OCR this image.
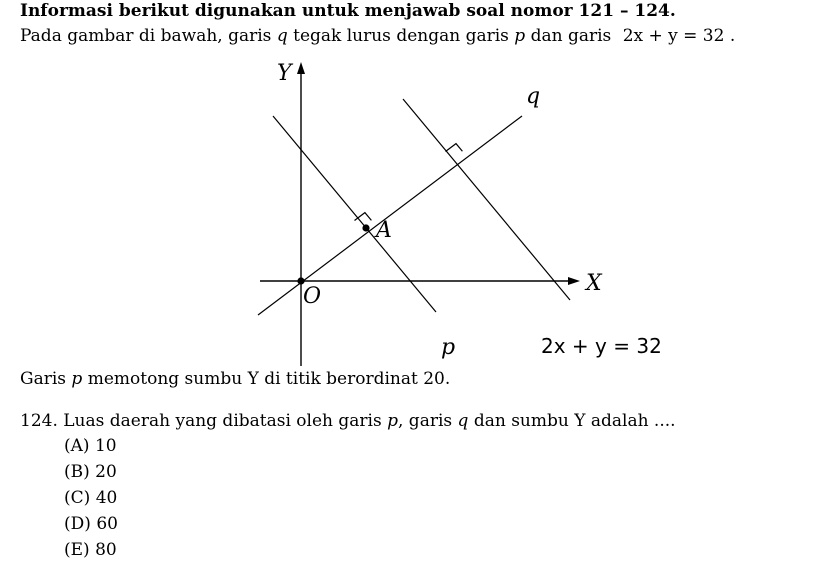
Informasi berikut digunakan untuk menjawab soal nomor 121 – 124.
Pada gambar di bawah, garis q tegak lurus dengan garis p dan garis 2x + y = 32 .
Y
X
O
A
q
p	2x + y = 32
Garis p memotong sumbu Y di titik berordinat 20.
124. Luas daerah yang dibatasi oleh garis p, garis q dan sumbu Y adalah ....
(A) 10
(B) 20
(C) 40
(D) 60
(E) 80
